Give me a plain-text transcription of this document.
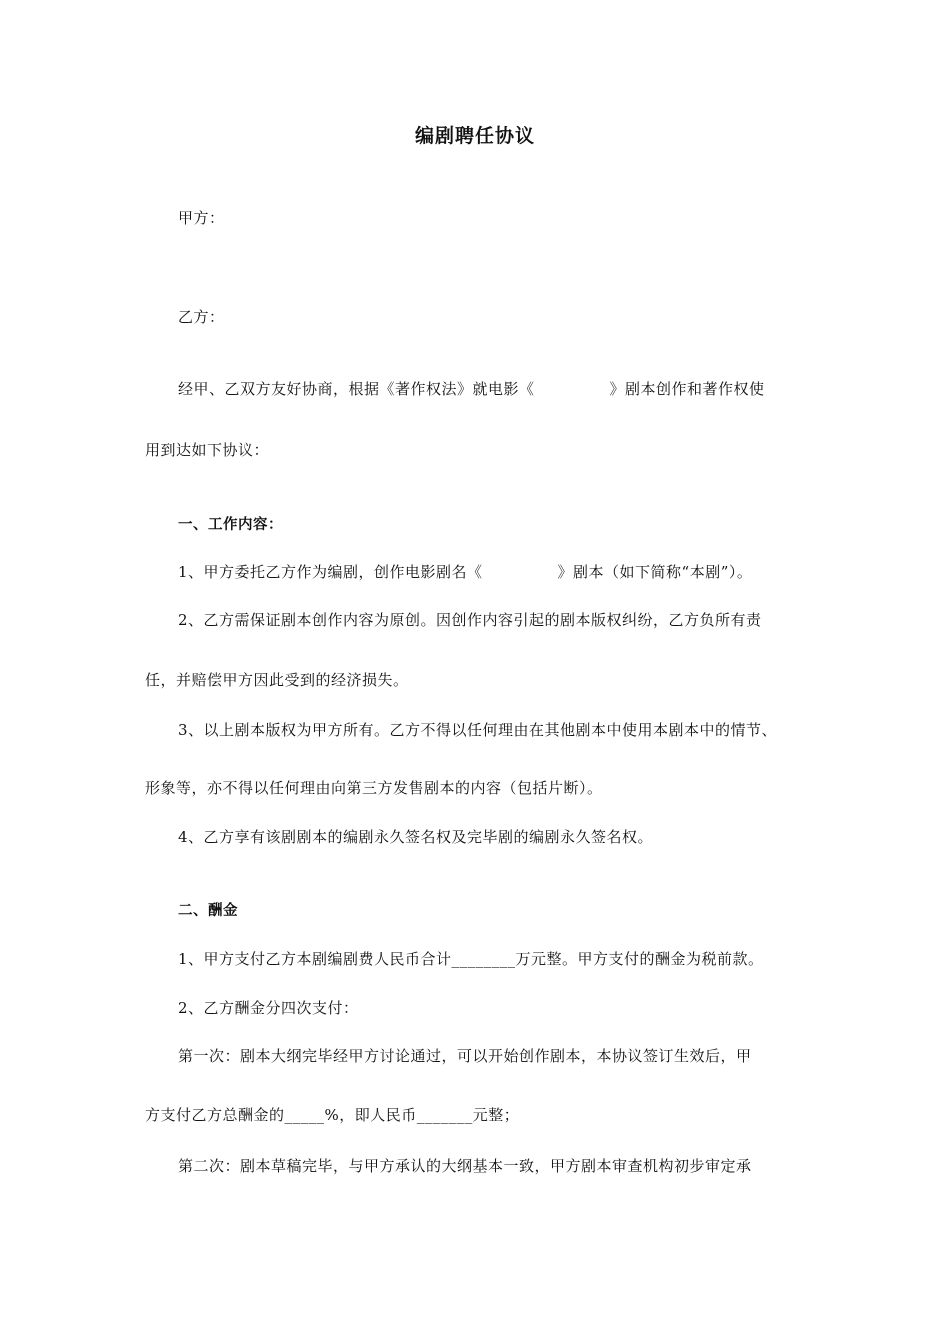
编剧聘任协议
甲方：
乙方：
经甲、乙双方友好协商，根据《著作权法》就电影《	》剧本创作和著作权使
用到达如下协议：
一、工作内容：
1、甲方委托乙方作为编剧，创作电影剧名《	》剧本（如下简称“本剧”）。
2、乙方需保证剧本创作内容为原创。因创作内容引起的剧本版权纠纷，乙方负所有责
任，并赔偿甲方因此受到的经济损失。
3、以上剧本版权为甲方所有。乙方不得以任何理由在其他剧本中使用本剧本中的情节、
形象等，亦不得以任何理由向第三方发售剧本的内容（包括片断）。
4、乙方享有该剧剧本的编剧永久签名权及完毕剧的编剧永久签名权。
二、酬金
1、甲方支付乙方本剧编剧费人民币合计________万元整。甲方支付的酬金为税前款。
2、乙方酬金分四次支付：
第一次：剧本大纲完毕经甲方讨论通过，可以开始创作剧本，本协议签订生效后，甲
方支付乙方总酬金的_____%，即人民币_______元整；
第二次：剧本草稿完毕，与甲方承认的大纲基本一致，甲方剧本审查机构初步审定承
